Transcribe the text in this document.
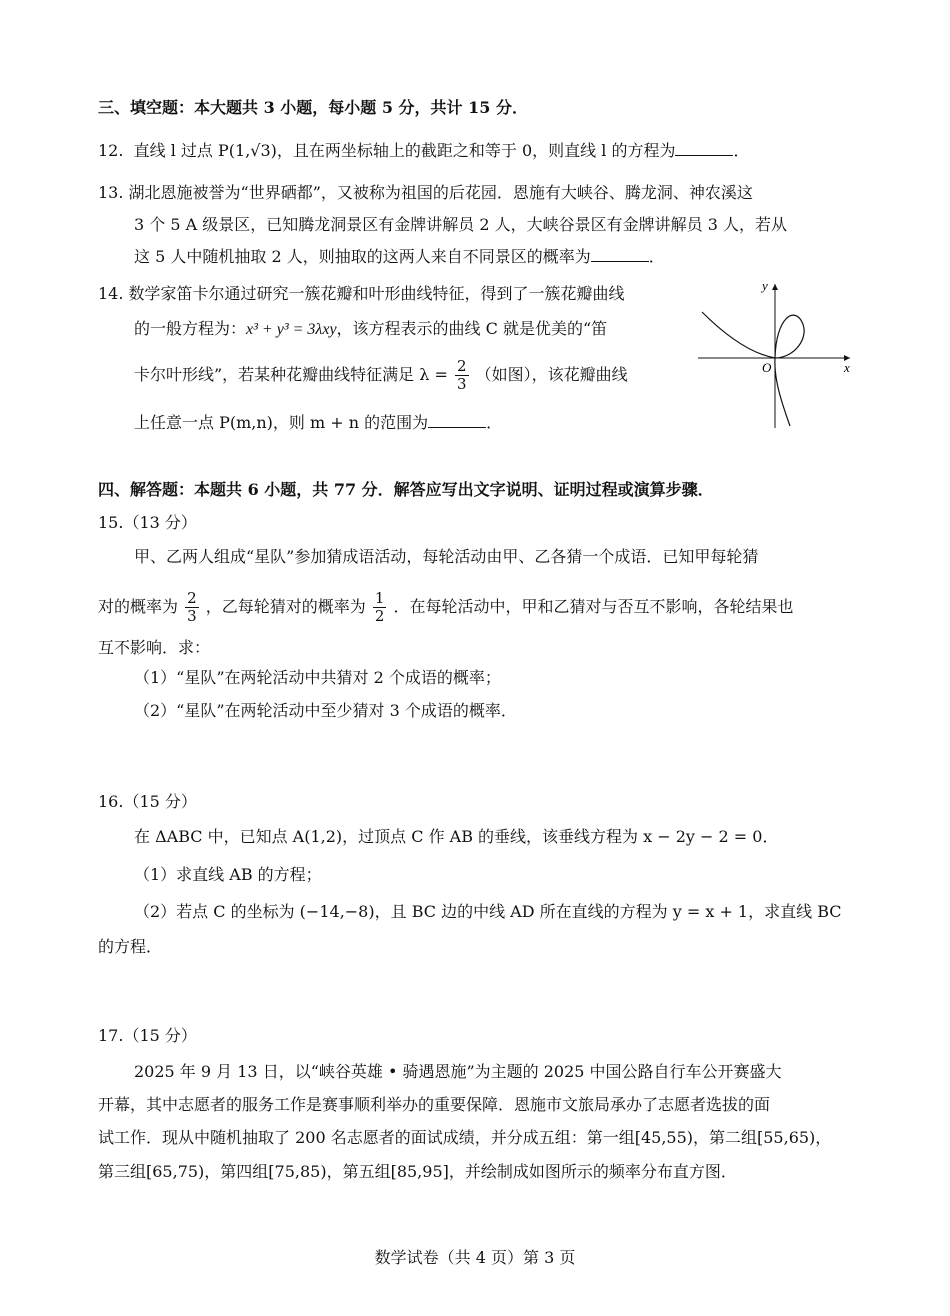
三、填空题：本大题共 3 小题，每小题 5 分，共计 15 分．
12. 直线 l 过点 P(1,√3)，且在两坐标轴上的截距之和等于 0，则直线 l 的方程为	．
13. 湖北恩施被誉为“世界硒都”，又被称为祖国的后花园．恩施有大峡谷、腾龙洞、神农溪这
3 个 5 A 级景区，已知腾龙洞景区有金牌讲解员 2 人，大峡谷景区有金牌讲解员 3 人，若从
这 5 人中随机抽取 2 人，则抽取的这两人来自不同景区的概率为	．
14. 数学家笛卡尔通过研究一簇花瓣和叶形曲线特征，得到了一簇花瓣曲线
的一般方程为：x³ + y³ = 3λxy，该方程表示的曲线 C 就是优美的“笛
卡尔叶形线”，若某种花瓣曲线特征满足 $\lambda = \frac{2}{3}$ （如图），该花瓣曲线
上任意一点 P(m,n)，则 m + n 的范围为	．
O	x
y
四、解答题：本题共 6 小题，共 77 分．解答应写出文字说明、证明过程或演算步骤．
15.（13 分）
甲、乙两人组成“星队”参加猜成语活动，每轮活动由甲、乙各猜一个成语．已知甲每轮猜
对的概率为 $\frac{2}{3}$ ，乙每轮猜对的概率为 $\frac{1}{2}$ ．在每轮活动中，甲和乙猜对与否互不影响，各轮结果也
互不影响．求：
（1）“星队”在两轮活动中共猜对 2 个成语的概率；
（2）“星队”在两轮活动中至少猜对 3 个成语的概率．
16.（15 分）
在 ΔABC 中，已知点 A(1,2)，过顶点 C 作 AB 的垂线，该垂线方程为 x − 2y − 2 = 0．
（1）求直线 AB 的方程；
（2）若点 C 的坐标为 (−14,−8)，且 BC 边的中线 AD 所在直线的方程为 y = x + 1，求直线 BC
的方程．
17.（15 分）
2025 年 9 月 13 日，以“峡谷英雄 • 骑遇恩施”为主题的 2025 中国公路自行车公开赛盛大
开幕，其中志愿者的服务工作是赛事顺利举办的重要保障．恩施市文旅局承办了志愿者选拔的面
试工作．现从中随机抽取了 200 名志愿者的面试成绩，并分成五组：第一组[45,55)，第二组[55,65)，
第三组[65,75)，第四组[75,85)，第五组[85,95]，并绘制成如图所示的频率分布直方图．
数学试卷（共 4 页）第 3 页
